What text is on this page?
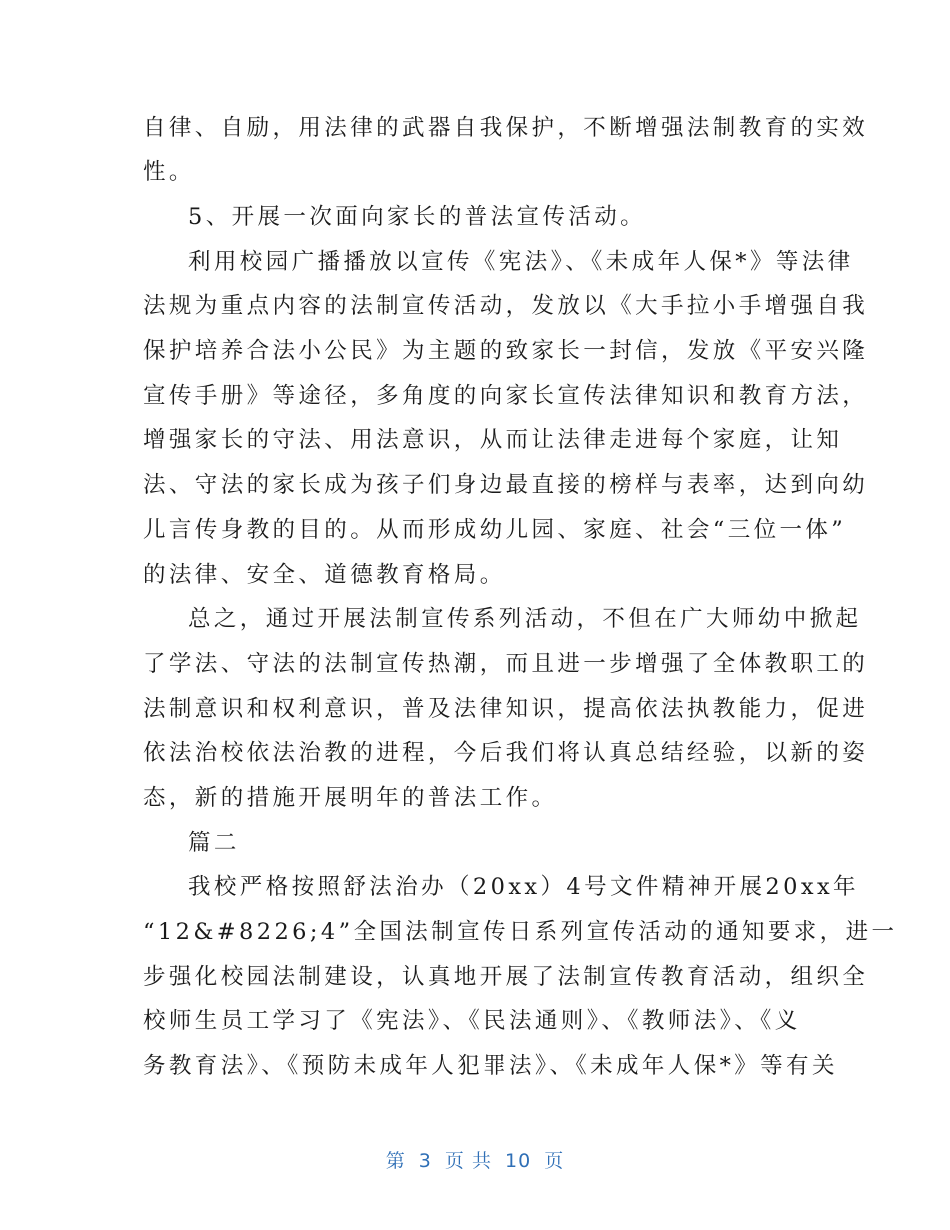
自律、自励，用法律的武器自我保护，不断增强法制教育的实效
性。
5、开展一次面向家长的普法宣传活动。
利用校园广播播放以宣传《宪法》、《未成年人保*》等法律
法规为重点内容的法制宣传活动，发放以《大手拉小手增强自我
保护培养合法小公民》为主题的致家长一封信，发放《平安兴隆
宣传手册》等途径，多角度的向家长宣传法律知识和教育方法，
增强家长的守法、用法意识，从而让法律走进每个家庭，让知
法、守法的家长成为孩子们身边最直接的榜样与表率，达到向幼
儿言传身教的目的。从而形成幼儿园、家庭、社会“三位一体”
的法律、安全、道德教育格局。
总之，通过开展法制宣传系列活动，不但在广大师幼中掀起
了学法、守法的法制宣传热潮，而且进一步增强了全体教职工的
法制意识和权利意识，普及法律知识，提高依法执教能力，促进
依法治校依法治教的进程，今后我们将认真总结经验，以新的姿
态，新的措施开展明年的普法工作。
篇二
我校严格按照舒法治办（20xx）4号文件精神开展20xx年
“12&#8226;4”全国法制宣传日系列宣传活动的通知要求，进一
步强化校园法制建设，认真地开展了法制宣传教育活动，组织全
校师生员工学习了《宪法》、《民法通则》、《教师法》、《义
务教育法》、《预防未成年人犯罪法》、《未成年人保*》等有关
第 3 页 共 10 页
